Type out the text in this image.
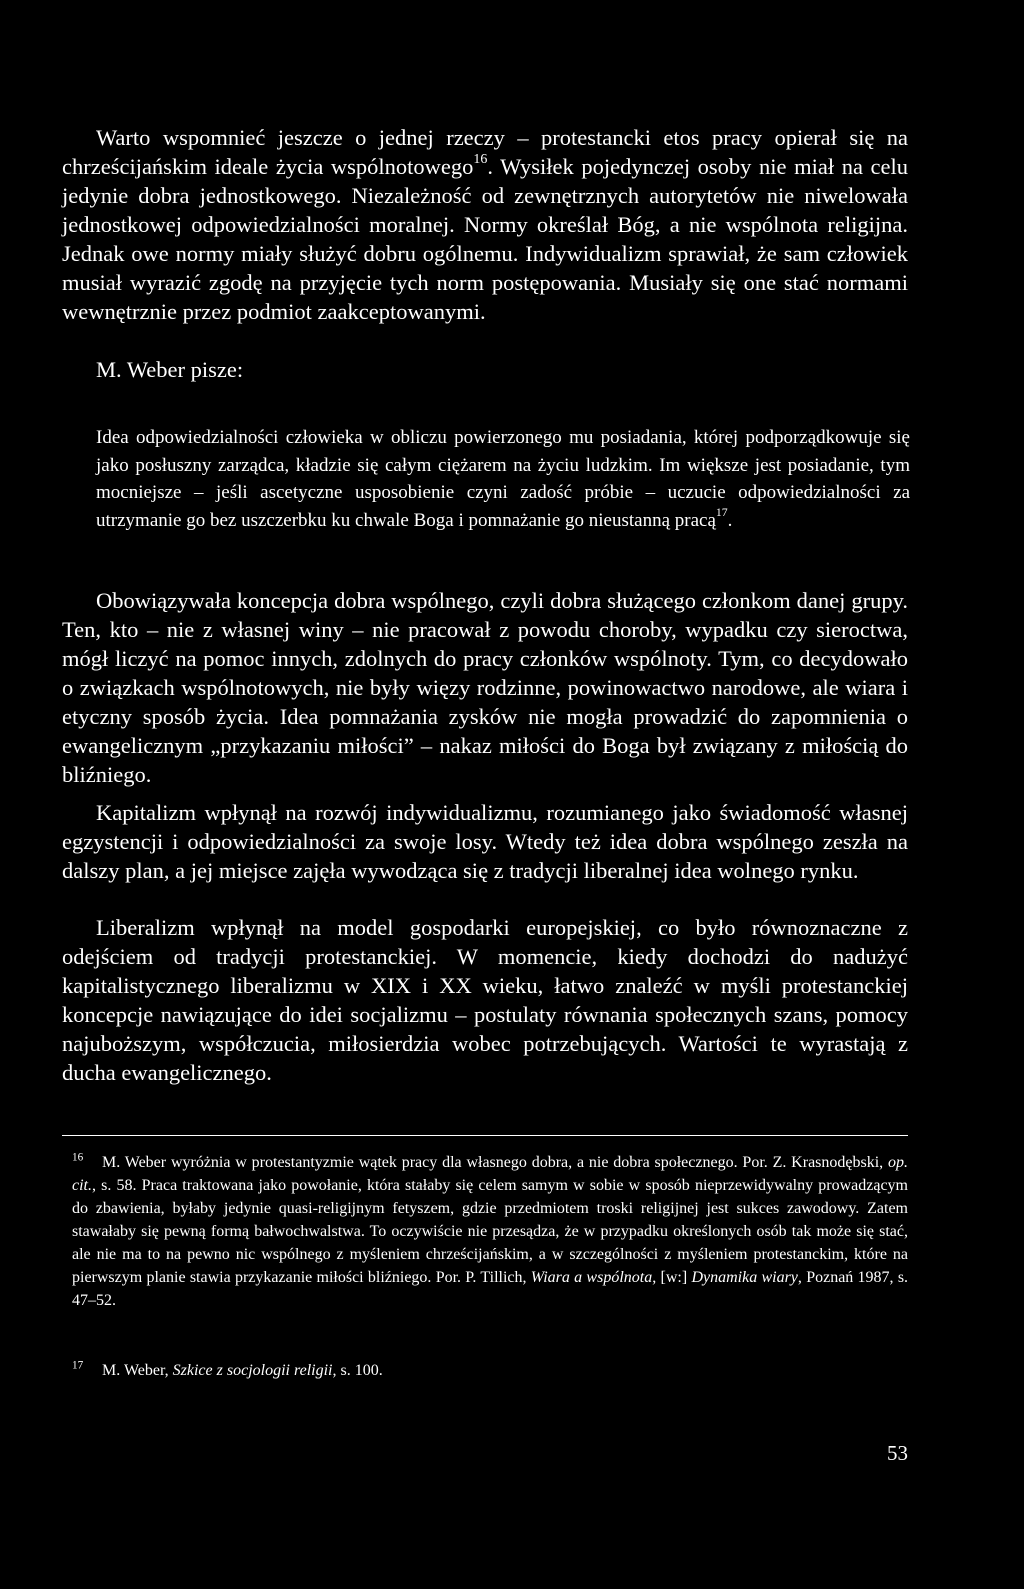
Warto wspomnieć jeszcze o jednej rzeczy – protestancki etos pracy opierał się na chrześcijańskim ideale życia wspólnotowego$^{16}$. Wysiłek pojedynczej osoby nie miał na celu jedynie dobra jednostkowego. Niezależność od zewnętrznych autorytetów nie niwelowała jednostkowej odpowiedzialności moralnej. Normy określał Bóg, a nie wspólnota religijna. Jednak owe normy miały służyć dobru ogólnemu. Indywidualizm sprawiał, że sam człowiek musiał wyrazić zgodę na przyjęcie tych norm postępowania. Musiały się one stać normami wewnętrznie przez podmiot zaakceptowanymi.

M. Weber pisze:

Idea odpowiedzialności człowieka w obliczu powierzonego mu posiadania, której podporządkowuje się jako posłuszny zarządca, kładzie się całym ciężarem na życiu ludzkim. Im większe jest posiadanie, tym mocniejsze – jeśli ascetyczne usposobienie czyni zadość próbie – uczucie odpowiedzialności za utrzymanie go bez uszczerbku ku chwale Boga i pomnażanie go nieustanną pracą$^{17}$.

Obowiązywała koncepcja dobra wspólnego, czyli dobra służącego członkom danej grupy. Ten, kto – nie z własnej winy – nie pracował z powodu choroby, wypadku czy sieroctwa, mógł liczyć na pomoc innych, zdolnych do pracy członków wspólnoty. Tym, co decydowało o związkach wspólnotowych, nie były więzy rodzinne, powinowactwo narodowe, ale wiara i etyczny sposób życia. Idea pomnażania zysków nie mogła prowadzić do zapomnienia o ewangelicznym „przykazaniu miłości” – nakaz miłości do Boga był związany z miłością do bliźniego.

Kapitalizm wpłynął na rozwój indywidualizmu, rozumianego jako świadomość własnej egzystencji i odpowiedzialności za swoje losy. Wtedy też idea dobra wspólnego zeszła na dalszy plan, a jej miejsce zajęła wywodząca się z tradycji liberalnej idea wolnego rynku.

Liberalizm wpłynął na model gospodarki europejskiej, co było równoznaczne z odejściem od tradycji protestanckiej. W momencie, kiedy dochodzi do nadużyć kapitalistycznego liberalizmu w XIX i XX wieku, łatwo znaleźć w myśli protestanckiej koncepcje nawiązujące do idei socjalizmu – postulaty równania społecznych szans, pomocy najuboższym, współczucia, miłosierdzia wobec potrzebujących. Wartości te wyrastają z ducha ewangelicznego.

$^{16}$ M. Weber wyróżnia w protestantyzmie wątek pracy dla własnego dobra, a nie dobra społecznego. Por. Z. Krasnodębski, op. cit., s. 58. Praca traktowana jako powołanie, która stałaby się celem samym w sobie w sposób nieprzewidywalny prowadzącym do zbawienia, byłaby jedynie quasi-religijnym fetyszem, gdzie przedmiotem troski religijnej jest sukces zawodowy. Zatem stawałaby się pewną formą bałwochwalstwa. To oczywiście nie przesądza, że w przypadku określonych osób tak może się stać, ale nie ma to na pewno nic wspólnego z myśleniem chrześcijańskim, a w szczególności z myśleniem protestanckim, które na pierwszym planie stawia przykazanie miłości bliźniego. Por. P. Tillich, Wiara a wspólnota, [w:] Dynamika wiary, Poznań 1987, s. 47–52.

$^{17}$ M. Weber, Szkice z socjologii religii, s. 100.

53
